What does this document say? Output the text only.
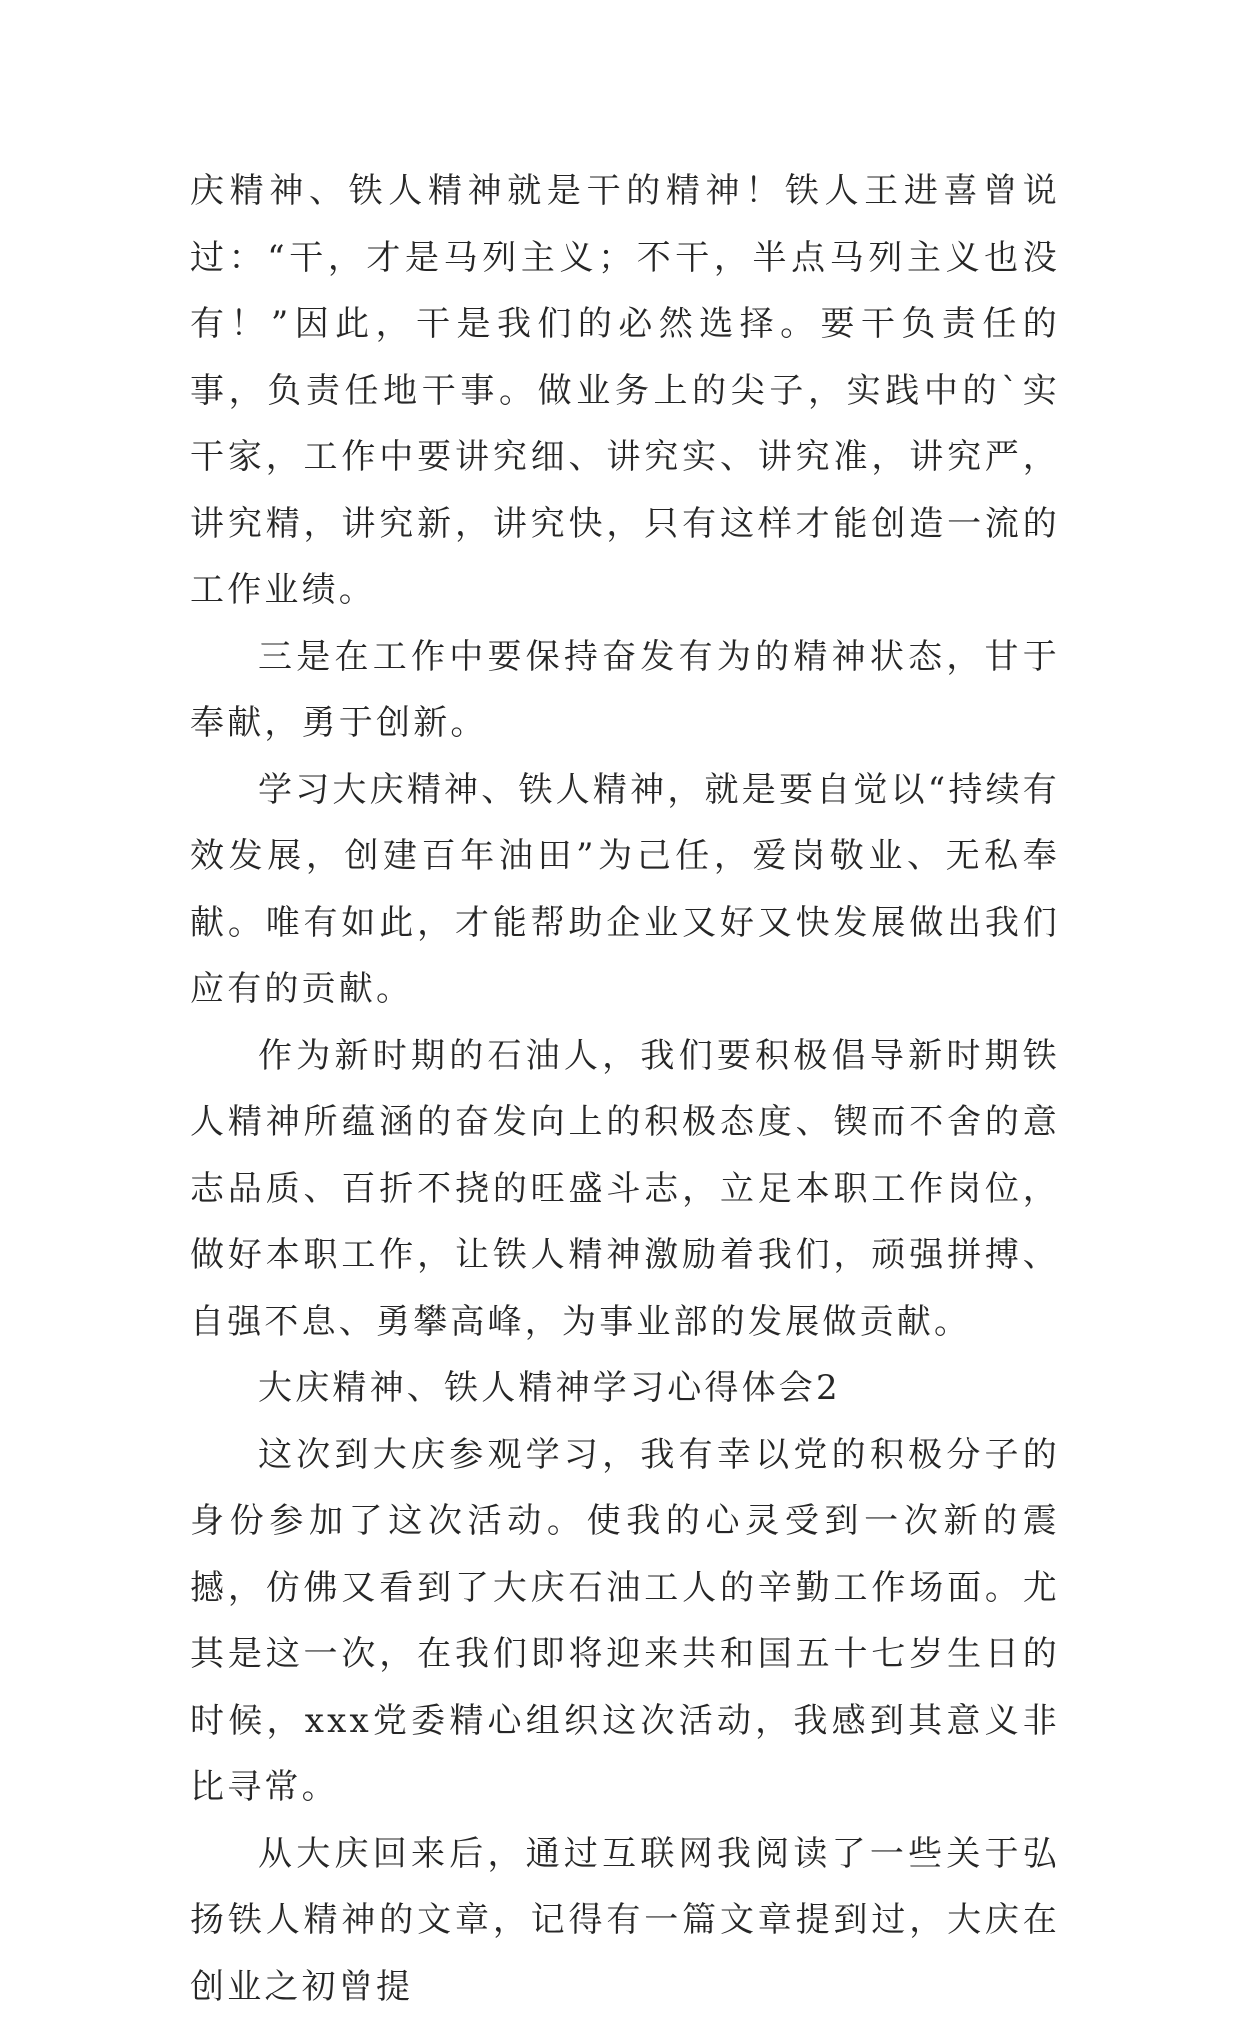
庆精神、铁人精神就是干的精神！铁人王进喜曾说过：“干，才是马列主义；不干，半点马列主义也没有！”因此，干是我们的必然选择。要干负责任的事，负责任地干事。做业务上的尖子，实践中的`实干家，工作中要讲究细、讲究实、讲究准，讲究严，讲究精，讲究新，讲究快，只有这样才能创造一流的工作业绩。

三是在工作中要保持奋发有为的精神状态，甘于奉献，勇于创新。

学习大庆精神、铁人精神，就是要自觉以“持续有效发展，创建百年油田”为己任，爱岗敬业、无私奉献。唯有如此，才能帮助企业又好又快发展做出我们应有的贡献。

作为新时期的石油人，我们要积极倡导新时期铁人精神所蕴涵的奋发向上的积极态度、锲而不舍的意志品质、百折不挠的旺盛斗志，立足本职工作岗位，做好本职工作，让铁人精神激励着我们，顽强拼搏、自强不息、勇攀高峰，为事业部的发展做贡献。

大庆精神、铁人精神学习心得体会2

这次到大庆参观学习，我有幸以党的积极分子的身份参加了这次活动。使我的心灵受到一次新的震撼，仿佛又看到了大庆石油工人的辛勤工作场面。尤其是这一次，在我们即将迎来共和国五十七岁生日的时候，xxx党委精心组织这次活动，我感到其意义非比寻常。

从大庆回来后，通过互联网我阅读了一些关于弘扬铁人精神的文章，记得有一篇文章提到过，大庆在创业之初曾提
